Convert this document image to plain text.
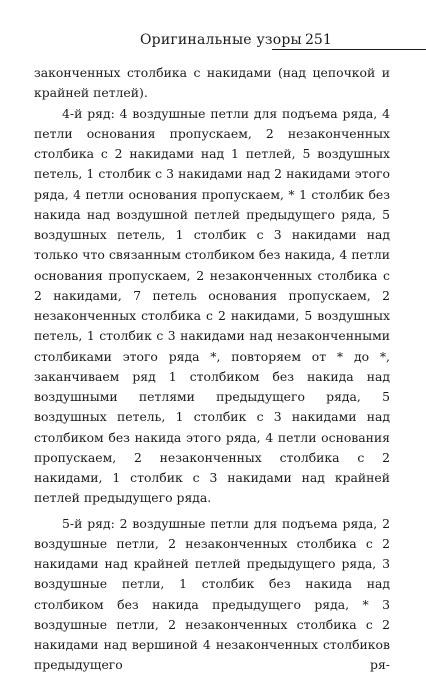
Оригинальные узоры 251

законченных столбика с накидами (над цепочкой и крайней петлей).

4-й ряд: 4 воздушные петли для подъема ряда, 4 петли основания пропускаем, 2 незаконченных столбика с 2 накидами над 1 петлей, 5 воздушных петель, 1 столбик с 3 накидами над 2 накидами этого ряда, 4 петли основания пропускаем, * 1 столбик без накида над воздушной петлей предыдущего ряда, 5 воздушных петель, 1 столбик с 3 накидами над только что связанным столбиком без накида, 4 петли основания пропускаем, 2 незаконченных столбика с 2 накидами, 7 петель основания пропускаем, 2 незаконченных столбика с 2 накидами, 5 воздушных петель, 1 столбик с 3 накидами над незаконченными столбиками этого ряда *, повторяем от * до *, заканчиваем ряд 1 столбиком без накида над воздушными петлями предыдущего ряда, 5 воздушных петель, 1 столбик с 3 накидами над столбиком без накида этого ряда, 4 петли основания пропускаем, 2 незаконченных столбика с 2 накидами, 1 столбик с 3 накидами над крайней петлей предыдущего ряда.

5-й ряд: 2 воздушные петли для подъема ряда, 2 воздушные петли, 2 незаконченных столбика с 2 накидами над крайней петлей предыдущего ряда, 3 воздушные петли, 1 столбик без накида над столбиком без накида предыдущего ряда, * 3 воздушные петли, 2 незаконченных столбика с 2 накидами над вершиной 4 незаконченных столбиков предыдущего ря-
